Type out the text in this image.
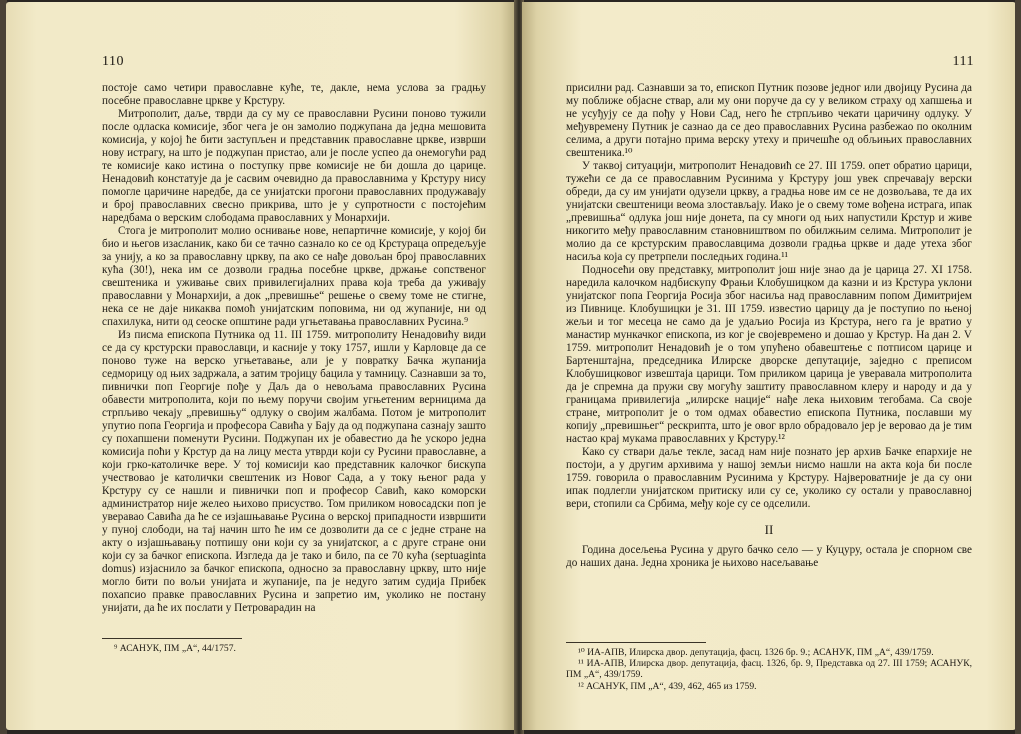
110

постоје само четири православне куће, те, дакле, нема услова за градњу посебне православне цркве у Крстуру.

Митрополит, даље, тврди да су му се православни Русини поново тужили после одласка комисије, због чега је он замолио поджупана да једна мешовита комисија, у којој ће бити заступљен и представник православне цркве, изврши нову истрагу, на што је поджупан пристао, али је после успео да онемогући рад те комисије како истина о поступку прве комисије не би дошла до царице. Ненадовић констатује да је сасвим очевидно да православнима у Крстуру нису помогле царичине наредбе, да се унијатски прогони православних продужавају и број православних свесно прикрива, што је у супротности с постојећим наредбама о верским слободама православних у Монархији.

Стога је митрополит молио оснивање нове, непартичне комисије, у којој би био и његов изасланик, како би се тачно сазнало ко се од Крстураца опредељује за унију, а ко за православну цркву, па ако се нађе довољан број православних кућа (30!), нека им се дозволи градња посебне цркве, држање сопственог свештеника и уживање свих привилегијалних права која треба да уживају православни у Монархији, а док „превишње“ решење о свему томе не стигне, нека се не даје никаква помоћ унијатским поповима, ни од жупаније, ни од спахилука, нити од сеоске општине ради угњетавања православних Русина.⁹

Из писма епископа Путника од 11. III 1759. митрополиту Ненадовићу види се да су крстурски православци, и касније у току 1757, ишли у Карловце да се поново туже на верско угњетавање, али је у повратку Бачка жупанија седморицу од њих задржала, а затим тројицу бацила у тамницу. Сазнавши за то, пивнички поп Георгије пође у Даљ да о невољама православних Русина обавести митрополита, који по њему поручи својим угњетеним верницима да стрпљиво чекају „превишњу“ одлуку о својим жалбама. Потом је митрополит упутио попа Георгија и професора Савића у Бају да од поджупана сазнају зашто су похапшени поменути Русини. Поджупан их је обавестио да ће ускоро једна комисија поћи у Крстур да на лицу места утврди који су Русини православне, а који грко-католичке вере. У тој комисији као представник калочког бискупа учествовао је католички свештеник из Новог Сада, а у току њеног рада у Крстуру су се нашли и пивнички поп и професор Савић, како коморски администратор није желео њихово присуство. Том приликом новосадски поп је уверавао Савића да ће се изјашњавање Русина о верској припадности извршити у пуној слободи, на тај начин што ће им се дозволити да се с једне стране на акту о изјашњавању потпишу они који су за унијатског, а с друге стране они који су за бачког епископа. Изгледа да је тако и било, па се 70 кућа (septuaginta domus) изјаснило за бачког епископа, односно за православну цркву, што није могло бити по вољи унијата и жупаније, па је недуго затим судија Прибек похапсио правке православних Русина и запретио им, уколико не постану унијати, да ће их послати у Петроварадин на

⁹ АСАНУК, ПМ „А“, 44/1757.

111

присилни рад. Сазнавши за то, епископ Путник позове једног или двојицу Русина да му поближе објасне ствар, али му они поруче да су у великом страху од хапшења и не усуђују се да пођу у Нови Сад, него ће стрпљиво чекати царичину одлуку. У међувремену Путник је сазнао да се део православних Русина разбежао по околним селима, а други потајно прима верску утеху и причешће од обљињих православних свештеника.¹⁰

У таквој ситуацији, митрополит Ненадовић се 27. III 1759. опет обратио царици, тужећи се да се православним Русинима у Крстуру још увек спречавају верски обреди, да су им унијати одузели цркву, а градња нове им се не дозвољава, те да их унијатски свештеници веома злостављају. Иако је о свему томе вођена истрага, ипак „превишња“ одлука још није донета, па су многи од њих напустили Крстур и живе никогито међу православним становништвом по обилжњим селима. Митрополит је молио да се крстурским православцима дозволи градња цркве и даде утеха због насиља која су претрпели последњих година.¹¹

Подносећи ову представку, митрополит још није знао да је царица 27. XI 1758. наредила калочком надбискупу Фрањи Клобушицком да казни и из Крстура уклони унијатског попа Георгија Росија због насиља над православним попом Димитријем из Пивнице. Клобушицки је 31. III 1759. известио царицу да је поступио по њеној жељи и тог месеца не само да је удаљио Росија из Крстура, него га је вратио у манастир мункачког епископа, из ког је својевремено и дошао у Крстур. На дан 2. V 1759. митрополит Ненадовић је о том упућено обавештење с потписом царице и Бартенштајна, председника Илирске дворске депутације, заједно с преписом Клобушицковог извештаја царици. Том приликом царица је уверавала митрополита да је спремна да пружи сву могућу заштиту православном клеру и народу и да у границама привилегија „илирске нације“ нађе лека њиховим тегобама. Са своје стране, митрополит је о том одмах обавестио епископа Путника, пославши му копију „превишњег“ рескрипта, што је овог врло обрадовало јер је веровао да је тим настао крај мукама православних у Крстуру.¹²

Како су ствари даље текле, засад нам није познато јер архив Бачке епархије не постоји, а у другим архивима у нашој земљи нисмо нашли на акта која би после 1759. говорила о православним Русинима у Крстуру. Највероватније је да су они ипак подлегли унијатском притиску или су се, уколико су остали у православној вери, стопили са Србима, међу које су се одселили.

II

Година досељења Русина у друго бачко село — у Куцуру, остала је спорном све до наших дана. Једна хроника је њихово насељавање

¹⁰ ИА-АПВ, Илирска двор. депутација, фасц. 1326 бр. 9.; АСАНУК, ПМ „А“, 439/1759.

¹¹ ИА-АПВ, Илирска двор. депутација, фасц. 1326, бр. 9, Представка од 27. III 1759; АСАНУК, ПМ „А“, 439/1759.

¹² АСАНУК, ПМ „А“, 439, 462, 465 из 1759.
